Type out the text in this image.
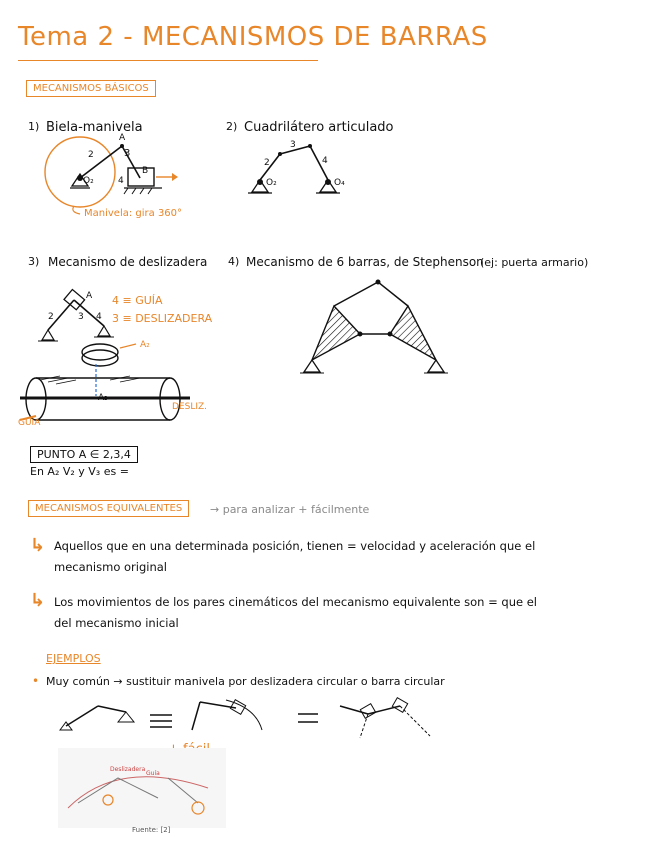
Tema 2 - MECANISMOS DE BARRAS
MECANISMOS BÁSICOS
1) Biela-manivela	2) Cuadrilátero articulado
A
2	3
4
B
O₂
Manivela: gira 360°
2
3
4
O₂	O₄
3) Mecanismo de deslizadera
A
2	3 4
4 ≡ GUÍA
3 ≡ DESLIZADERA
A₂
A₃
DESLIZ.
GUÍA
4) Mecanismo de 6 barras, de Stephenson
(ej: puerta armario)
PUNTO A ∈ 2,3,4
En A₂ V₂ y V₃ es =
MECANISMOS EQUIVALENTES	→ para analizar + fácilmente
↳ Aquellos que en una determinada posición, tienen = velocidad y aceleración que el mecanismo original
↳ Los movimientos de los pares cinemáticos del mecanismo equivalente son = que el del mecanismo inicial
EJEMPLOS
• Muy común → sustituir manivela por deslizadera circular o barra circular
Deslizadera
Guía
Fuente: [2]
